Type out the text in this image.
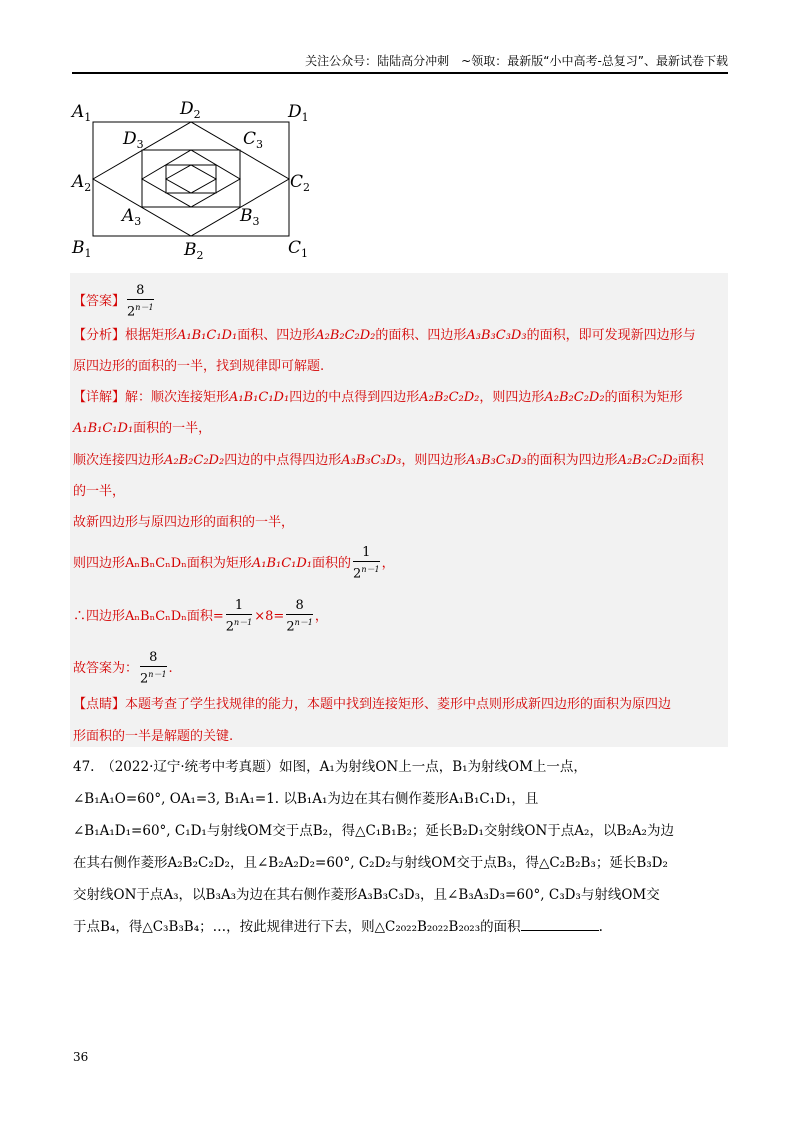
关注公众号：陆陆高分冲刺　~领取：最新版“小中高考-总复习”、最新试卷下载
$A_1$	$D_2$	$D_1$
$D_3$	$C_3$
$A_2$	$C_2$
$A_3$	$B_3$
$B_1$	$B_2$	$C_1$
【答案】 $\frac{8}{2^{n-1}}$
【分析】根据矩形A₁B₁C₁D₁面积、四边形A₂B₂C₂D₂的面积、四边形A₃B₃C₃D₃的面积，即可发现新四边形与
原四边形的面积的一半，找到规律即可解题.
【详解】解：顺次连接矩形A₁B₁C₁D₁四边的中点得到四边形A₂B₂C₂D₂，则四边形A₂B₂C₂D₂的面积为矩形
A₁B₁C₁D₁面积的一半，
顺次连接四边形A₂B₂C₂D₂四边的中点得四边形A₃B₃C₃D₃，则四边形A₃B₃C₃D₃的面积为四边形A₂B₂C₂D₂面积
的一半，
故新四边形与原四边形的面积的一半，
则四边形AₙBₙCₙDₙ面积为矩形A₁B₁C₁D₁面积的 $\frac{1}{2^{n-1}}$ ，
∴四边形AₙBₙCₙDₙ面积= $\frac{1}{2^{n-1}} \times 8= \frac{8}{2^{n-1}}$ ，
故答案为： $\frac{8}{2^{n-1}}$ .
【点睛】本题考查了学生找规律的能力，本题中找到连接矩形、菱形中点则形成新四边形的面积为原四边
形面积的一半是解题的关键.
47.　（2022·辽宁·统考中考真题）如图，A₁为射线ON上一点，B₁为射线OM上一点，
∠B₁A₁O=60°, OA₁=3, B₁A₁=1. 以B₁A₁为边在其右侧作菱形A₁B₁C₁D₁，且
∠B₁A₁D₁=60°, C₁D₁与射线OM交于点B₂，得△C₁B₁B₂；延长B₂D₁交射线ON于点A₂，以B₂A₂为边
在其右侧作菱形A₂B₂C₂D₂，且∠B₂A₂D₂=60°, C₂D₂与射线OM交于点B₃，得△C₂B₂B₃；延长B₃D₂
交射线ON于点A₃，以B₃A₃为边在其右侧作菱形A₃B₃C₃D₃，且∠B₃A₃D₃=60°, C₃D₃与射线OM交
于点B₄，得△C₃B₃B₄；…，按此规律进行下去，则△C₂₀₂₂B₂₀₂₂B₂₀₂₃的面积	.
36
